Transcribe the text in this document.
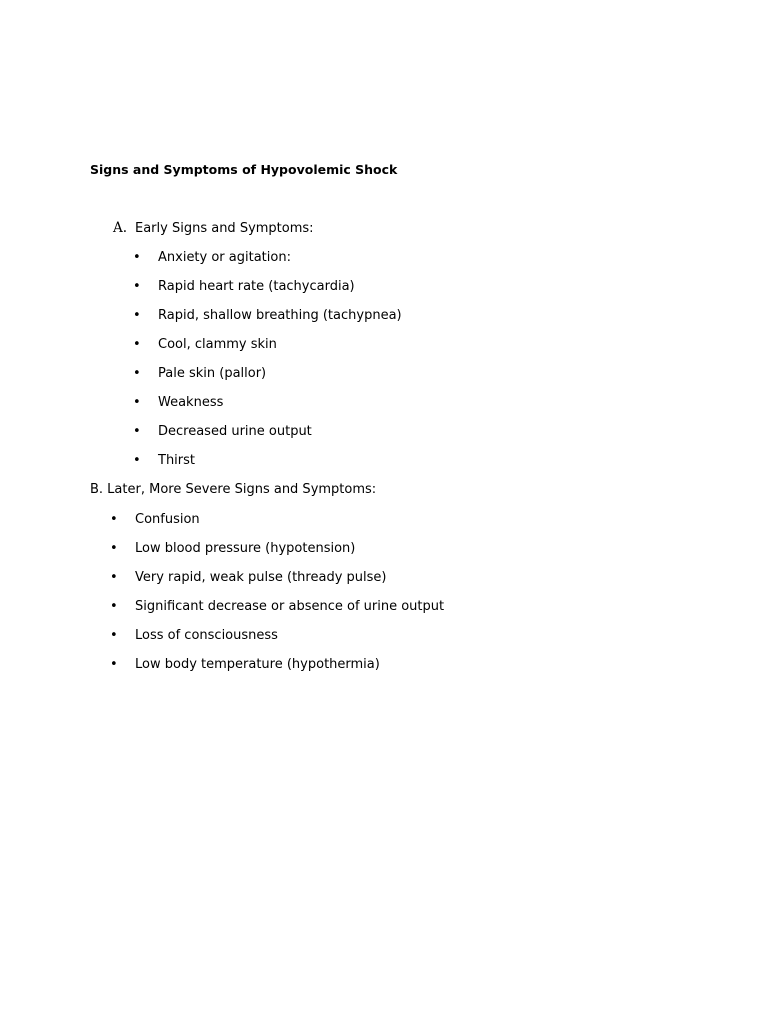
Signs and Symptoms of Hypovolemic Shock
A. Early Signs and Symptoms:
• Anxiety or agitation:
• Rapid heart rate (tachycardia)
• Rapid, shallow breathing (tachypnea)
• Cool, clammy skin
• Pale skin (pallor)
• Weakness
• Decreased urine output
• Thirst
B. Later, More Severe Signs and Symptoms:
• Confusion
• Low blood pressure (hypotension)
• Very rapid, weak pulse (thready pulse)
• Significant decrease or absence of urine output
• Loss of consciousness
• Low body temperature (hypothermia)
